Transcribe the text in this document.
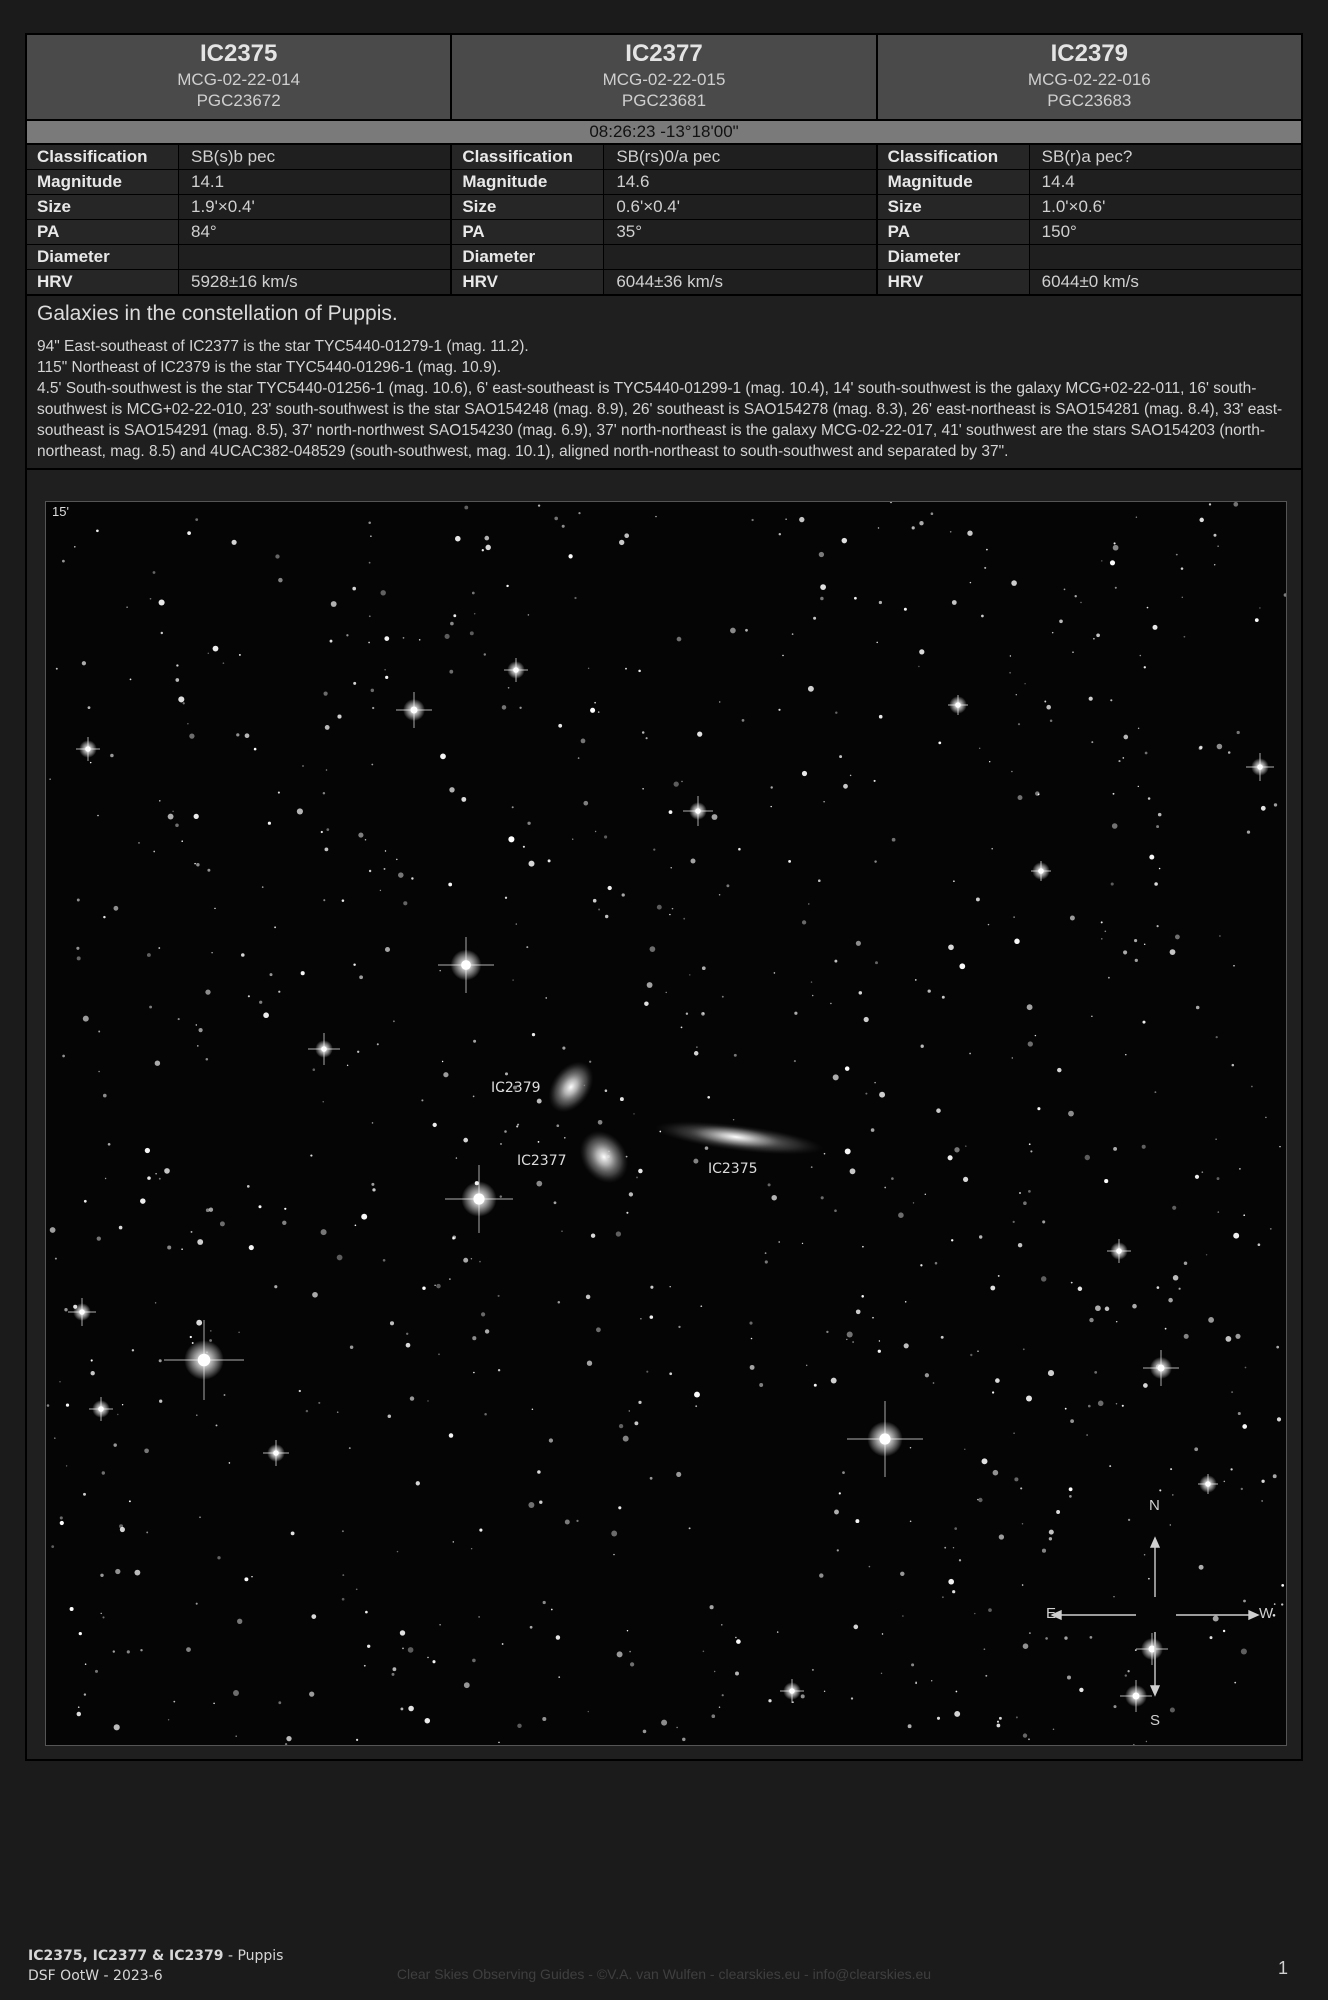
IC2375
MCG-02-22-014
PGC23672
IC2377
MCG-02-22-015
PGC23681
IC2379
MCG-02-22-016
PGC23683
08:26:23 -13°18'00"
Classification	SB(s)b pec
Magnitude	14.1
Size	1.9'×0.4'
PA	84°
Diameter
HRV	5928±16 km/s
Classification	SB(rs)0/a pec
Magnitude	14.6
Size	0.6'×0.4'
PA	35°
Diameter
HRV	6044±36 km/s
Classification	SB(r)a pec?
Magnitude	14.4
Size	1.0'×0.6'
PA	150°
Diameter
HRV	6044±0 km/s
Galaxies in the constellation of Puppis.

94" East-southeast of IC2377 is the star TYC5440-01279-1 (mag. 11.2).

115" Northeast of IC2379 is the star TYC5440-01296-1 (mag. 10.9).

4.5' South-southwest is the star TYC5440-01256-1 (mag. 10.6), 6' east-southeast is TYC5440-01299-1 (mag. 10.4), 14' south-southwest is the galaxy MCG+02-22-011, 16' south-southwest is MCG+02-22-010, 23' south-southwest is the star SAO154248 (mag. 8.9), 26' southeast is SAO154278 (mag. 8.3), 26' east-northeast is SAO154281 (mag. 8.4), 33' east-southeast is SAO154291 (mag. 8.5), 37' north-northwest SAO154230 (mag. 6.9), 37' north-northeast is the galaxy MCG-02-22-017, 41' southwest are the stars SAO154203 (north-northeast, mag. 8.5) and 4UCAC382-048529 (south-southwest, mag. 10.1), aligned north-northeast to south-southwest and separated by 37".

15'
IC2379
IC2377	IC2375
N
E	W
S
IC2375, IC2377 & IC2379 - Puppis
DSF OotW - 2023-6	Clear Skies Observing Guides - ©V.A. van Wulfen - clearskies.eu - info@clearskies.eu	1
